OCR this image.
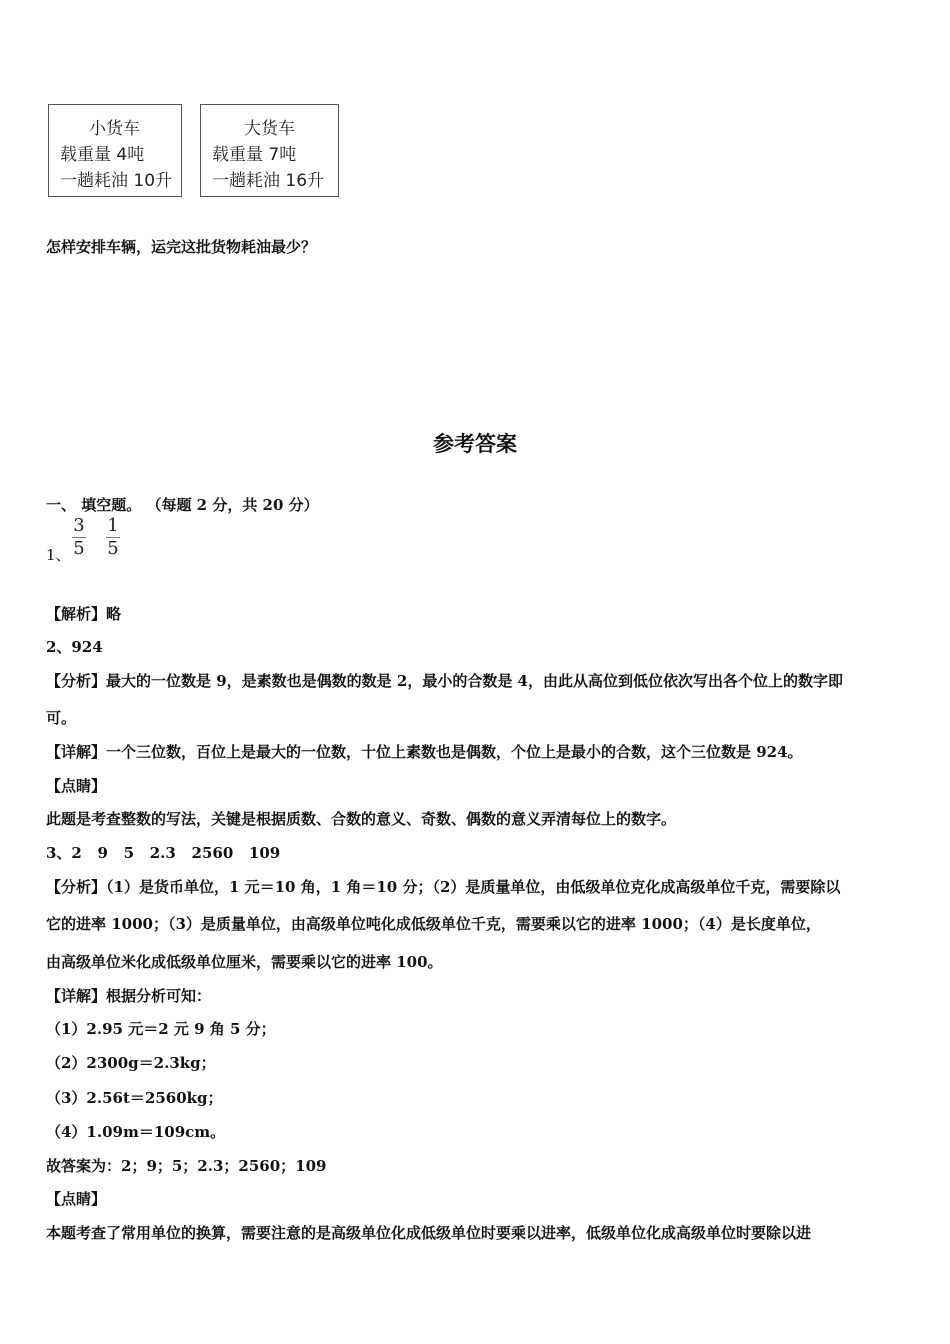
小货车
载重量 4吨
一趟耗油 10升
大货车
载重量 7吨
一趟耗油 16升
怎样安排车辆，运完这批货物耗油最少？
参考答案
一、 填空题。 （每题 2 分，共 20 分）
1、
3
5
1
5
【解析】略
2、924
【分析】最大的一位数是 9，是素数也是偶数的数是 2，最小的合数是 4，由此从高位到低位依次写出各个位上的数字即
可。
【详解】一个三位数，百位上是最大的一位数，十位上素数也是偶数，个位上是最小的合数，这个三位数是 924。
【点睛】
此题是考查整数的写法，关键是根据质数、合数的意义、奇数、偶数的意义弄清每位上的数字。
3、2   9   5   2.3   2560   109
【分析】（1）是货币单位，1 元＝10 角，1 角＝10 分；（2）是质量单位，由低级单位克化成高级单位千克，需要除以
它的进率 1000；（3）是质量单位，由高级单位吨化成低级单位千克，需要乘以它的进率 1000；（4）是长度单位，
由高级单位米化成低级单位厘米，需要乘以它的进率 100。
【详解】根据分析可知：
（1）2.95 元＝2 元 9 角 5 分；
（2）2300g＝2.3kg；
（3）2.56t＝2560kg；
（4）1.09m＝109cm。
故答案为：2；9；5；2.3；2560；109
【点睛】
本题考查了常用单位的换算，需要注意的是高级单位化成低级单位时要乘以进率，低级单位化成高级单位时要除以进
